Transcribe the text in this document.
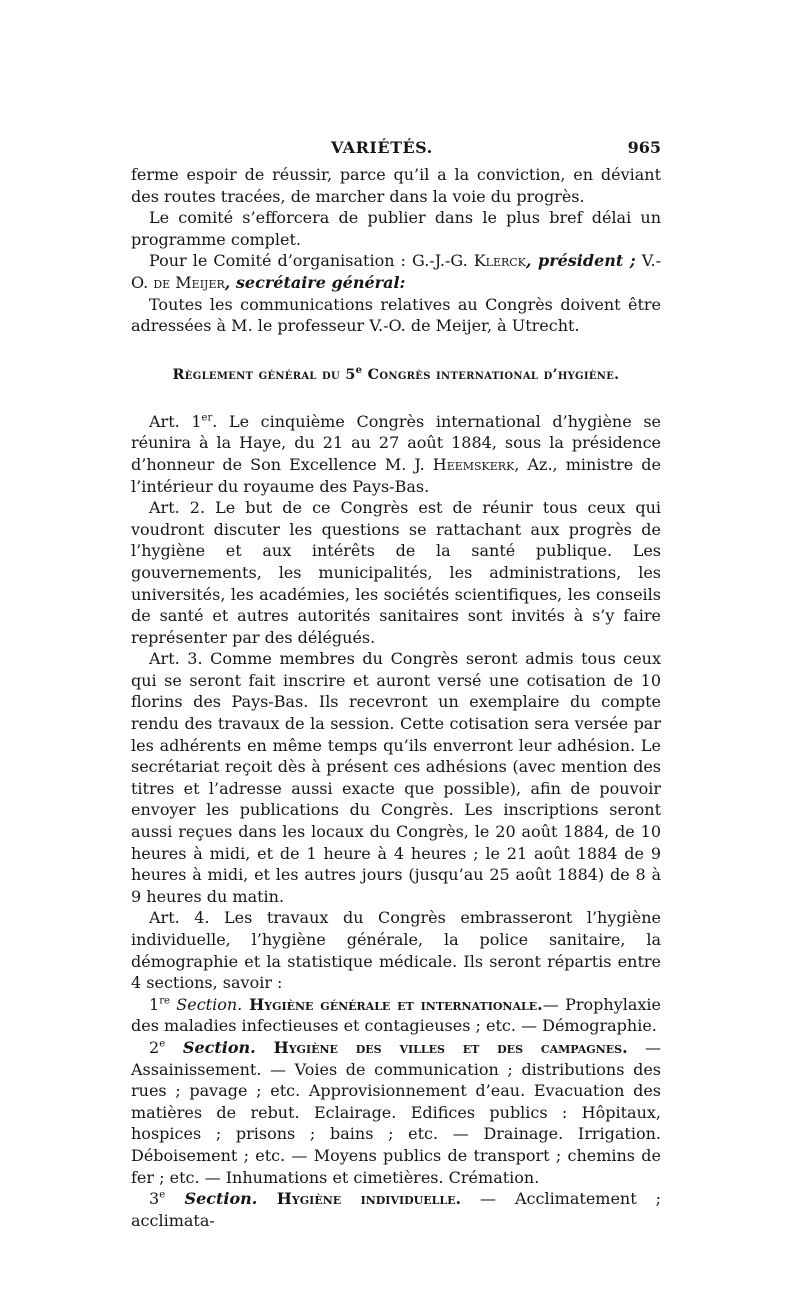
VARIÉTÉS.	965

ferme espoir de réussir, parce qu’il a la conviction, en déviant des routes tracées, de marcher dans la voie du progrès.

Le comité s’efforcera de publier dans le plus bref délai un programme complet.

Pour le Comité d’organisation : G.-J.-G. Klerck, président ; V.-O. de Meijer, secrétaire général:

Toutes les communications relatives au Congrès doivent être adressées à M. le professeur V.-O. de Meijer, à Utrecht.

Règlement général du 5e Congrès international d’hygiène.

Art. 1er. Le cinquième Congrès international d’hygiène se réunira à la Haye, du 21 au 27 août 1884, sous la présidence d’honneur de Son Excellence M. J. Heemskerk, Az., ministre de l’intérieur du royaume des Pays-Bas.

Art. 2. Le but de ce Congrès est de réunir tous ceux qui voudront discuter les questions se rattachant aux progrès de l’hygiène et aux intérêts de la santé publique. Les gouvernements, les municipalités, les administrations, les universités, les académies, les sociétés scientifiques, les conseils de santé et autres autorités sanitaires sont invités à s’y faire représenter par des délégués.

Art. 3. Comme membres du Congrès seront admis tous ceux qui se seront fait inscrire et auront versé une cotisation de 10 florins des Pays-Bas. Ils recevront un exemplaire du compte rendu des travaux de la session. Cette cotisation sera versée par les adhérents en même temps qu’ils enverront leur adhésion. Le secrétariat reçoit dès à présent ces adhésions (avec mention des titres et l’adresse aussi exacte que possible), afin de pouvoir envoyer les publications du Congrès. Les inscriptions seront aussi reçues dans les locaux du Congrès, le 20 août 1884, de 10 heures à midi, et de 1 heure à 4 heures ; le 21 août 1884 de 9 heures à midi, et les autres jours (jusqu’au 25 août 1884) de 8 à 9 heures du matin.

Art. 4. Les travaux du Congrès embrasseront l’hygiène individuelle, l’hygiène générale, la police sanitaire, la démographie et la statistique médicale. Ils seront répartis entre 4 sections, savoir :

1re Section. Hygiène générale et internationale.— Prophylaxie des maladies infectieuses et contagieuses ; etc. — Démographie.

2e Section. Hygiène des villes et des campagnes. — Assainissement. — Voies de communication ; distributions des rues ; pavage ; etc. Approvisionnement d’eau. Evacuation des matières de rebut. Eclairage. Edifices publics : Hôpitaux, hospices ; prisons ; bains ; etc. — Drainage. Irrigation. Déboisement ; etc. — Moyens publics de transport ; chemins de fer ; etc. — Inhumations et cimetières. Crémation.

3e Section. Hygiène individuelle. — Acclimatement ; acclimata-
